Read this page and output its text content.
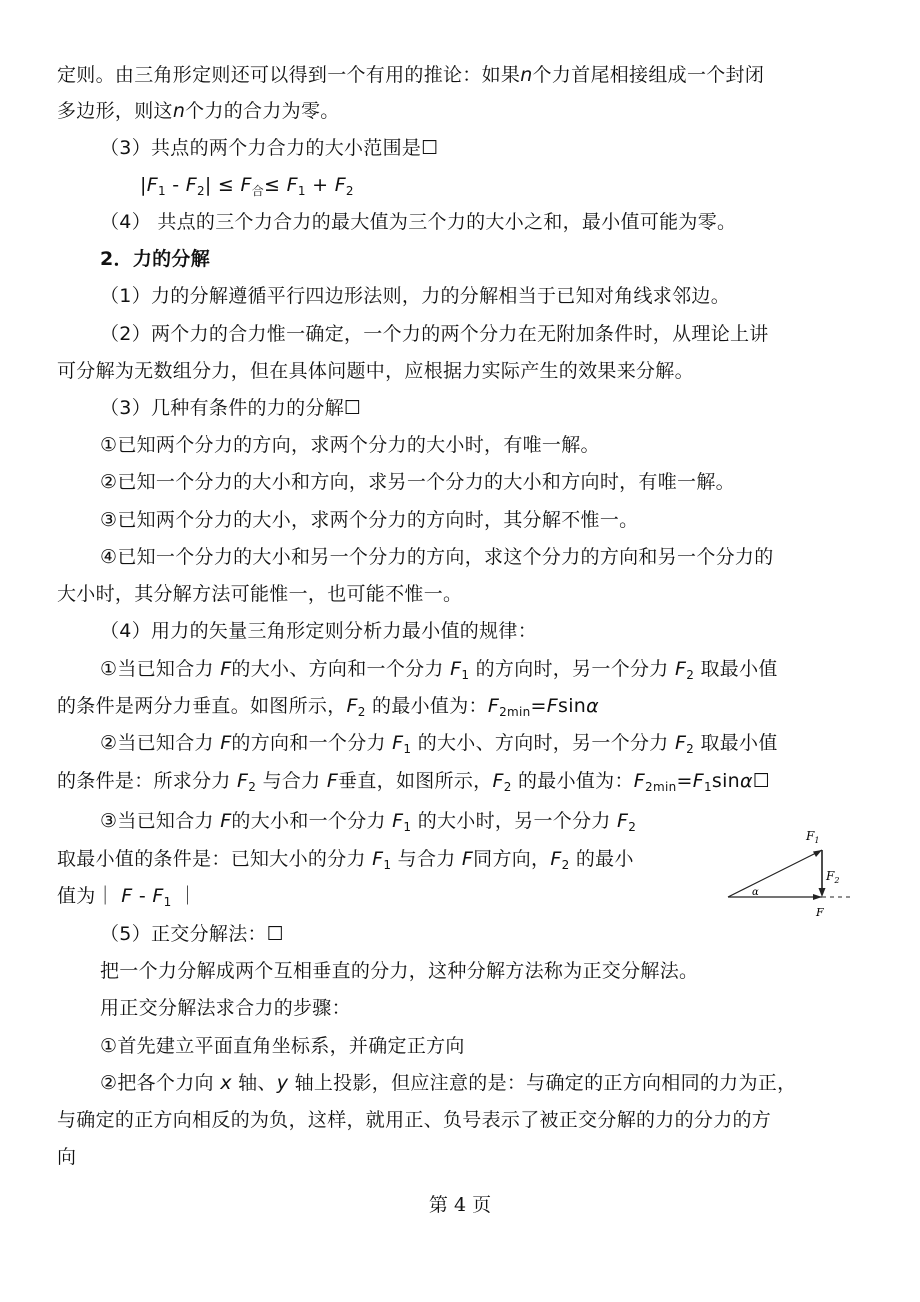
定则。由三角形定则还可以得到一个有用的推论：如果n个力首尾相接组成一个封闭
多边形，则这n个力的合力为零。
（3）共点的两个力合力的大小范围是☐
$|F_1 - F_2| \le F_合\le F_1 + F_2$
（4） 共点的三个力合力的最大值为三个力的大小之和，最小值可能为零。
2．力的分解
（1）力的分解遵循平行四边形法则，力的分解相当于已知对角线求邻边。
（2）两个力的合力惟一确定，一个力的两个分力在无附加条件时，从理论上讲
可分解为无数组分力，但在具体问题中，应根据力实际产生的效果来分解。
（3）几种有条件的力的分解☐
①已知两个分力的方向，求两个分力的大小时，有唯一解。
②已知一个分力的大小和方向，求另一个分力的大小和方向时，有唯一解。
③已知两个分力的大小，求两个分力的方向时，其分解不惟一。
④已知一个分力的大小和另一个分力的方向，求这个分力的方向和另一个分力的
大小时，其分解方法可能惟一，也可能不惟一。
（4）用力的矢量三角形定则分析力最小值的规律：
①当已知合力 F的大小、方向和一个分力 $F_1$ 的方向时，另一个分力 $F_2$ 取最小值
的条件是两分力垂直。如图所示，$F_2$ 的最小值为：$F_{2min}=Fsin\alpha$
②当已知合力 F的方向和一个分力 $F_1$ 的大小、方向时，另一个分力 $F_2$ 取最小值
的条件是：所求分力 $F_2$ 与合力 F垂直，如图所示，$F_2$ 的最小值为：$F_{2min}=F_1\sin\alpha☐$
③当已知合力 F的大小和一个分力 $F_1$ 的大小时，另一个分力 $F_2$
取最小值的条件是：已知大小的分力 $F_1$ 与合力 F同方向，$F_2$ 的最小
值为｜ F - $F_1$ ｜
$F_1$
$F_2$
F
α
（5）正交分解法：☐
把一个力分解成两个互相垂直的分力，这种分解方法称为正交分解法。
用正交分解法求合力的步骤：
①首先建立平面直角坐标系，并确定正方向
②把各个力向 x 轴、y 轴上投影，但应注意的是：与确定的正方向相同的力为正，
与确定的正方向相反的为负，这样，就用正、负号表示了被正交分解的力的分力的方
向
第 4 页
